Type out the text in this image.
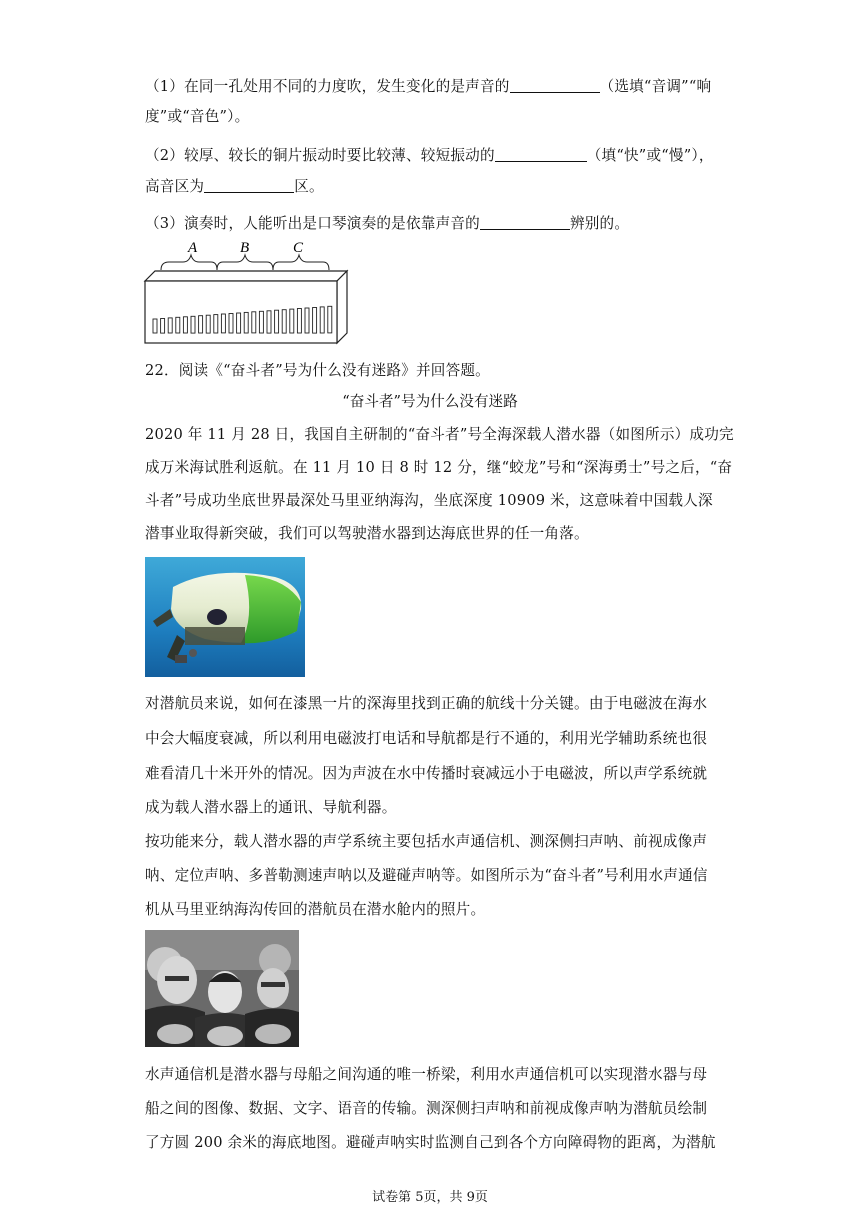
（1）在同一孔处用不同的力度吹，发生变化的是声音的	（选填“音调”“响
度”或“音色”）。
（2）较厚、较长的铜片振动时要比较薄、较短振动的	（填“快”或“慢”），
高音区为	区。
（3）演奏时，人能听出是口琴演奏的是依靠声音的	辨别的。
A	B	C
22．阅读《“奋斗者”号为什么没有迷路》并回答题。
“奋斗者”号为什么没有迷路
2020 年 11 月 28 日，我国自主研制的“奋斗者”号全海深载人潜水器（如图所示）成功完
成万米海试胜利返航。在 11 月 10 日 8 时 12 分，继“蛟龙”号和“深海勇士”号之后，“奋
斗者”号成功坐底世界最深处马里亚纳海沟，坐底深度 10909 米，这意味着中国载人深
潜事业取得新突破，我们可以驾驶潜水器到达海底世界的任一角落。
对潜航员来说，如何在漆黑一片的深海里找到正确的航线十分关键。由于电磁波在海水
中会大幅度衰减，所以利用电磁波打电话和导航都是行不通的，利用光学辅助系统也很
难看清几十米开外的情况。因为声波在水中传播时衰减远小于电磁波，所以声学系统就
成为载人潜水器上的通讯、导航利器。
按功能来分，载人潜水器的声学系统主要包括水声通信机、测深侧扫声呐、前视成像声
呐、定位声呐、多普勒测速声呐以及避碰声呐等。如图所示为“奋斗者”号利用水声通信
机从马里亚纳海沟传回的潜航员在潜水舱内的照片。
水声通信机是潜水器与母船之间沟通的唯一桥梁，利用水声通信机可以实现潜水器与母
船之间的图像、数据、文字、语音的传输。测深侧扫声呐和前视成像声呐为潜航员绘制
了方圆 200 余米的海底地图。避碰声呐实时监测自己到各个方向障碍物的距离，为潜航
试卷第 5页，共 9页
